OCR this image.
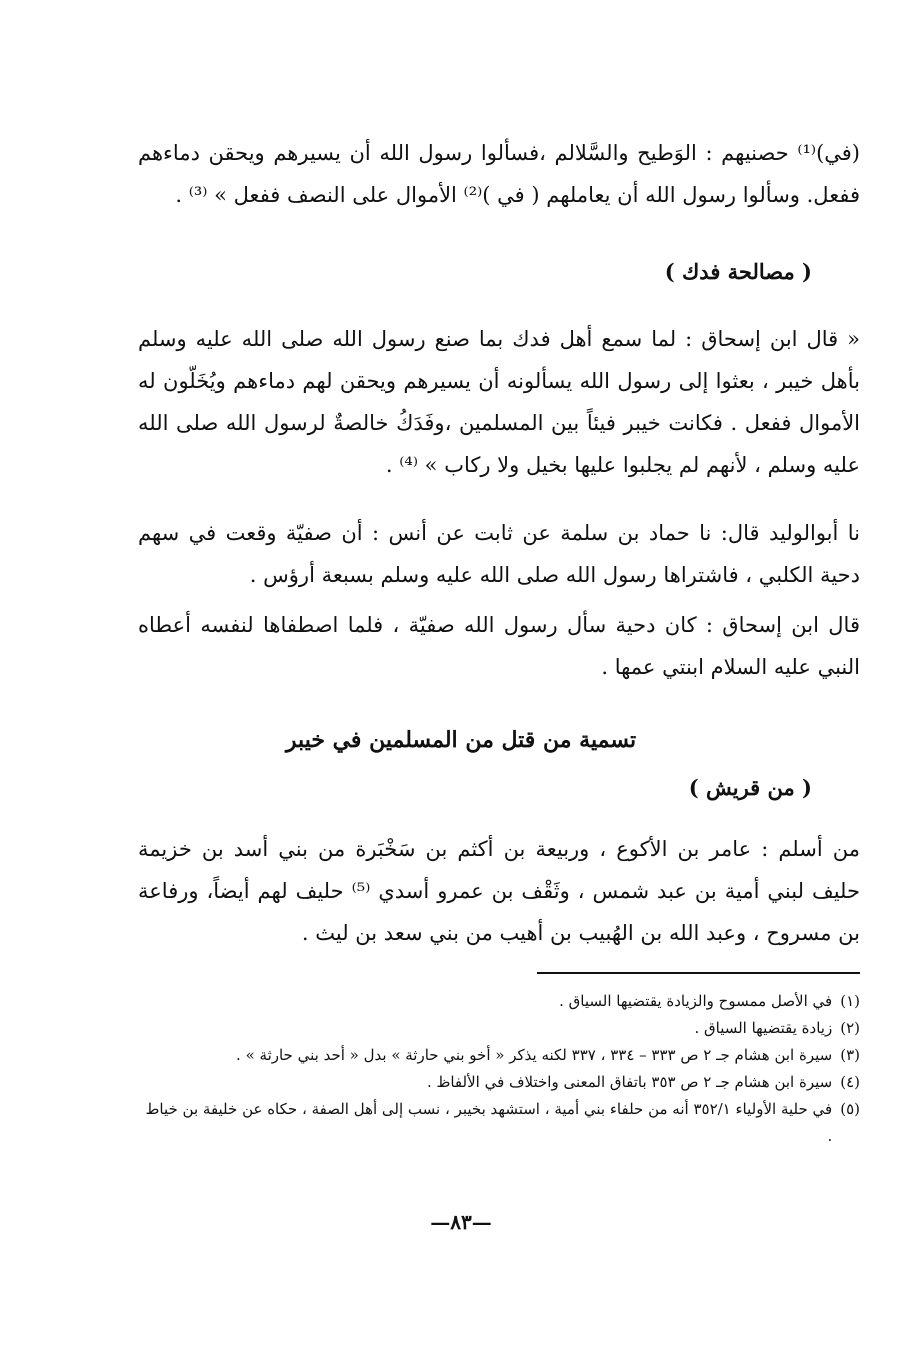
(في)⁽¹⁾ حصنيهم : الوَطيح والسَّلالم ،فسألوا رسول الله أن يسيرهم ويحقن دماءهم ففعل. وسألوا رسول الله أن يعاملهم ( في )⁽²⁾ الأموال على النصف ففعل » ⁽³⁾ .

( مصالحة فدك )

« قال ابن إسحاق : لما سمع أهل فدك بما صنع رسول الله صلى الله عليه وسلم بأهل خيبر ، بعثوا إلى رسول الله يسألونه أن يسيرهم ويحقن لهم دماءهم ويُخَلّون له الأموال ففعل . فكانت خيبر فيئاً بين المسلمين ،وفَدَكُ خالصةٌ لرسول الله صلى الله عليه وسلم ، لأنهم لم يجلبوا عليها بخيل ولا ركاب » ⁽⁴⁾ .

نا أبوالوليد قال: نا حماد بن سلمة عن ثابت عن أنس : أن صفيّة وقعت في سهم دحية الكلبي ، فاشتراها رسول الله صلى الله عليه وسلم بسبعة أرؤس .

قال ابن إسحاق : كان دحية سأل رسول الله صفيّة ، فلما اصطفاها لنفسه أعطاه النبي عليه السلام ابنتي عمها .

تسمية من قتل من المسلمين في خيبر
( من قريش )

من أسلم : عامر بن الأكوع ، وربيعة بن أكثم بن سَخْبَرة من بني أسد بن خزيمة حليف لبني أمية بن عبد شمس ، وثَقْف بن عمرو أسدي ⁽⁵⁾ حليف لهم أيضاً، ورفاعة بن مسروح ، وعبد الله بن الهُبيب بن أهيب من بني سعد بن ليث .

(١)
في الأصل ممسوح والزيادة يقتضيها السياق .
(٢)
زيادة يقتضيها السياق .
(٣)
سيرة ابن هشام جـ ٢ ص ٣٣٣ – ٣٣٤ ، ٣٣٧ لكنه يذكر « أخو بني حارثة » بدل « أحد بني حارثة » .
(٤)
سيرة ابن هشام جـ ٢ ص ٣٥٣ باتفاق المعنى واختلاف في الألفاظ .
(٥)
في حلية الأولياء ٣٥٢/١ أنه من حلفاء بني أمية ، استشهد بخيبر ، نسب إلى أهل الصفة ، حكاه عن خليفة بن خياط .
—٨٣—
